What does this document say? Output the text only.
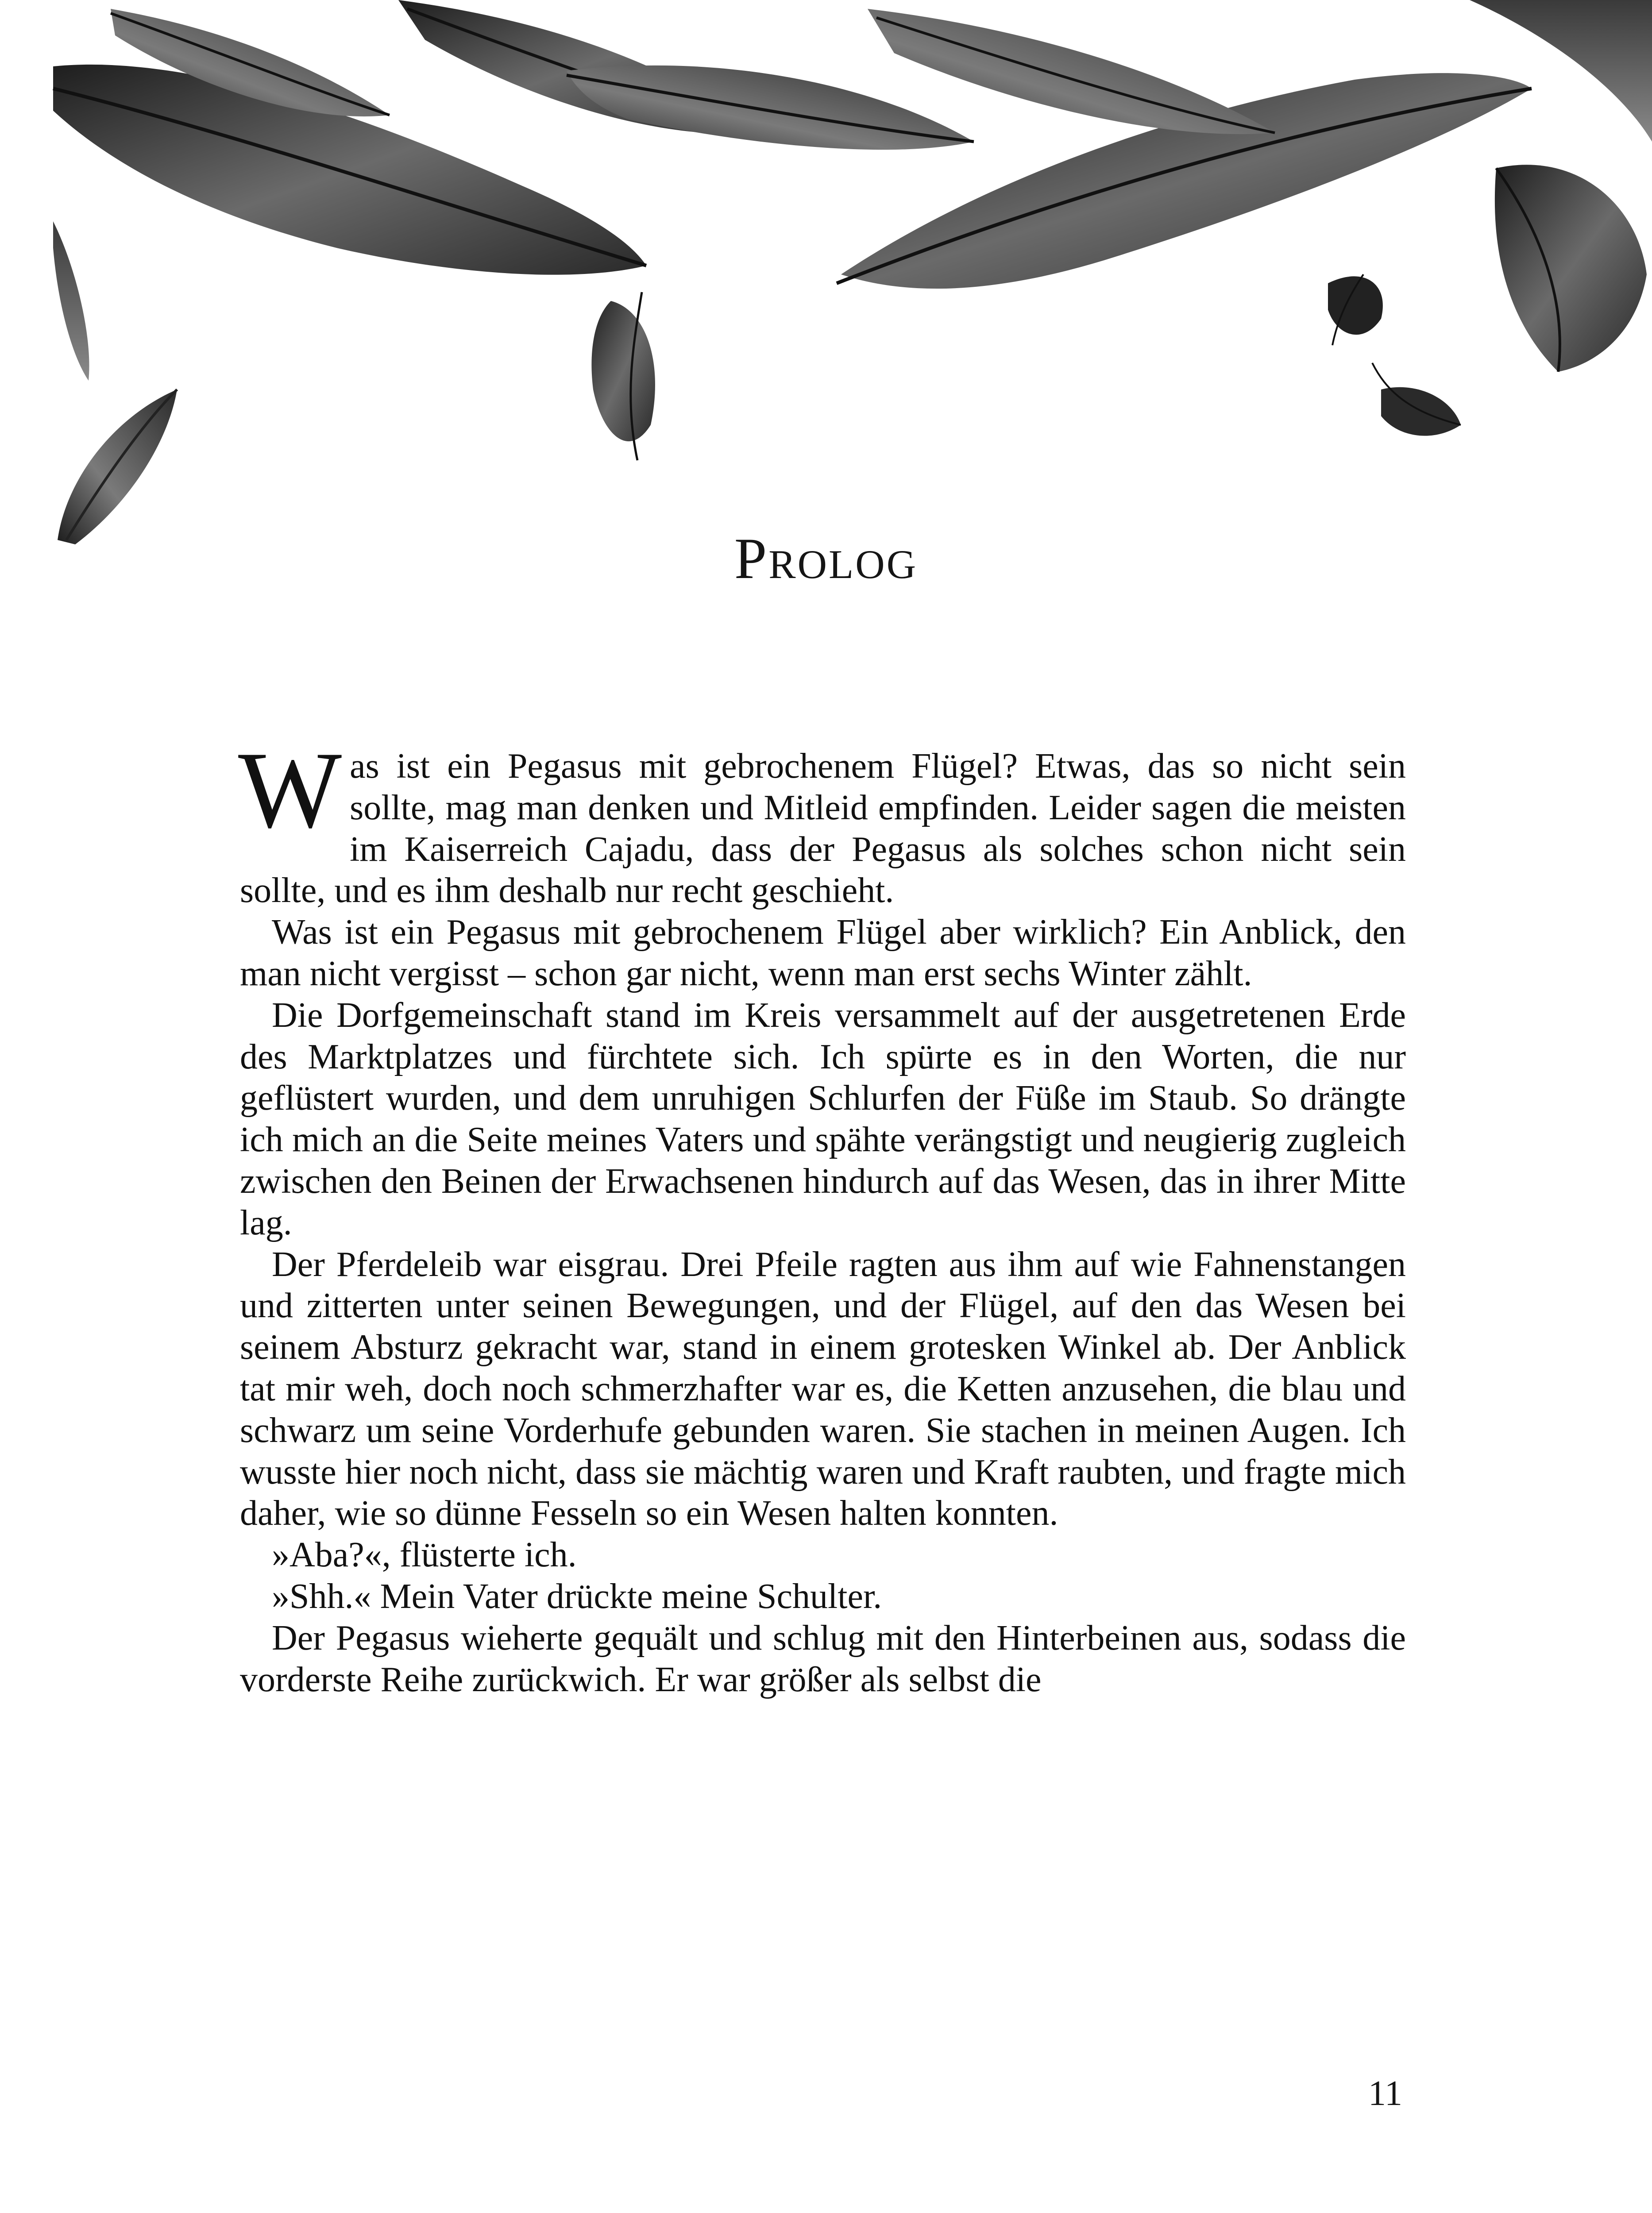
Prolog

Was ist ein Pegasus mit gebrochenem Flügel? Etwas, das so nicht sein sollte, mag man denken und Mitleid empfinden. Leider sagen die meisten im Kaiserreich Cajadu, dass der Pegasus als solches schon nicht sein sollte, und es ihm deshalb nur recht geschieht.

Was ist ein Pegasus mit gebrochenem Flügel aber wirklich? Ein Anblick, den man nicht vergisst – schon gar nicht, wenn man erst sechs Winter zählt.

Die Dorfgemeinschaft stand im Kreis versammelt auf der ausgetretenen Erde des Marktplatzes und fürchtete sich. Ich spürte es in den Worten, die nur geflüstert wurden, und dem unruhigen Schlurfen der Füße im Staub. So drängte ich mich an die Seite meines Vaters und spähte verängstigt und neugierig zugleich zwischen den Beinen der Erwachsenen hindurch auf das Wesen, das in ihrer Mitte lag.

Der Pferdeleib war eisgrau. Drei Pfeile ragten aus ihm auf wie Fahnenstangen und zitterten unter seinen Bewegungen, und der Flügel, auf den das Wesen bei seinem Absturz gekracht war, stand in einem grotesken Winkel ab. Der Anblick tat mir weh, doch noch schmerzhafter war es, die Ketten anzusehen, die blau und schwarz um seine Vorderhufe gebunden waren. Sie stachen in meinen Augen. Ich wusste hier noch nicht, dass sie mächtig waren und Kraft raubten, und fragte mich daher, wie so dünne Fesseln so ein Wesen halten konnten.

»Aba?«, flüsterte ich.

»Shh.« Mein Vater drückte meine Schulter.

Der Pegasus wieherte gequält und schlug mit den Hinterbeinen aus, sodass die vorderste Reihe zurückwich. Er war größer als selbst die

11
